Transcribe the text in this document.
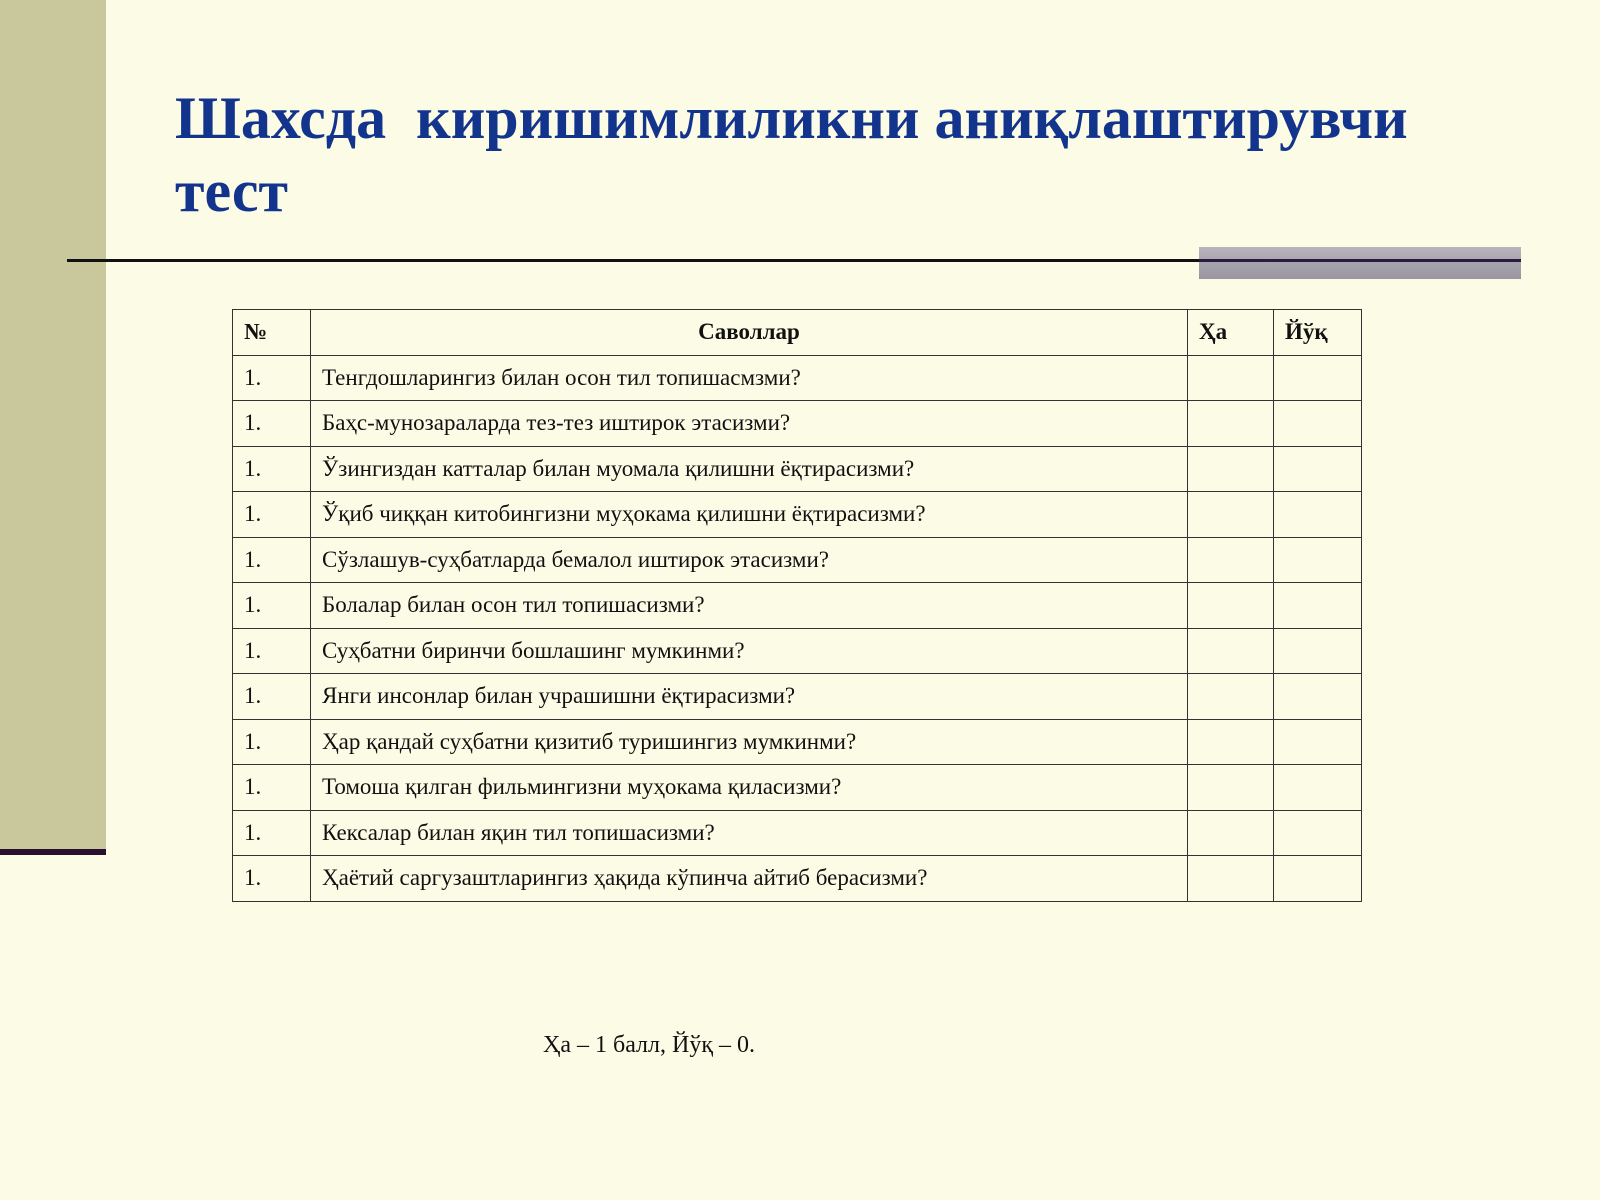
Шахсда  киришимлиликни аниқлаштирувчи тест
№	Саволлар	Ҳа	Йўқ
1.	Тенгдошларингиз билан осон тил топишасмзми?		
1.	Баҳс-мунозараларда тез-тез иштирок этасизми?		
1.	Ўзингиздан катталар билан муомала қилишни ёқтирасизми?		
1.	Ўқиб чиққан китобингизни муҳокама қилишни ёқтирасизми?		
1.	Сўзлашув-суҳбатларда бемалол иштирок этасизми?		
1.	Болалар билан осон тил топишасизми?		
1.	Суҳбатни биринчи бошлашинг мумкинми?		
1.	Янги инсонлар билан учрашишни ёқтирасизми?		
1.	Ҳар қандай суҳбатни қизитиб туришингиз мумкинми?		
1.	Томоша қилган фильмингизни муҳокама қиласизми?		
1.	Кексалар билан яқин тил топишасизми?		
1.	Ҳаётий саргузаштларингиз ҳақида кўпинча айтиб берасизми?		
Ҳа – 1 балл, Йўқ – 0.
